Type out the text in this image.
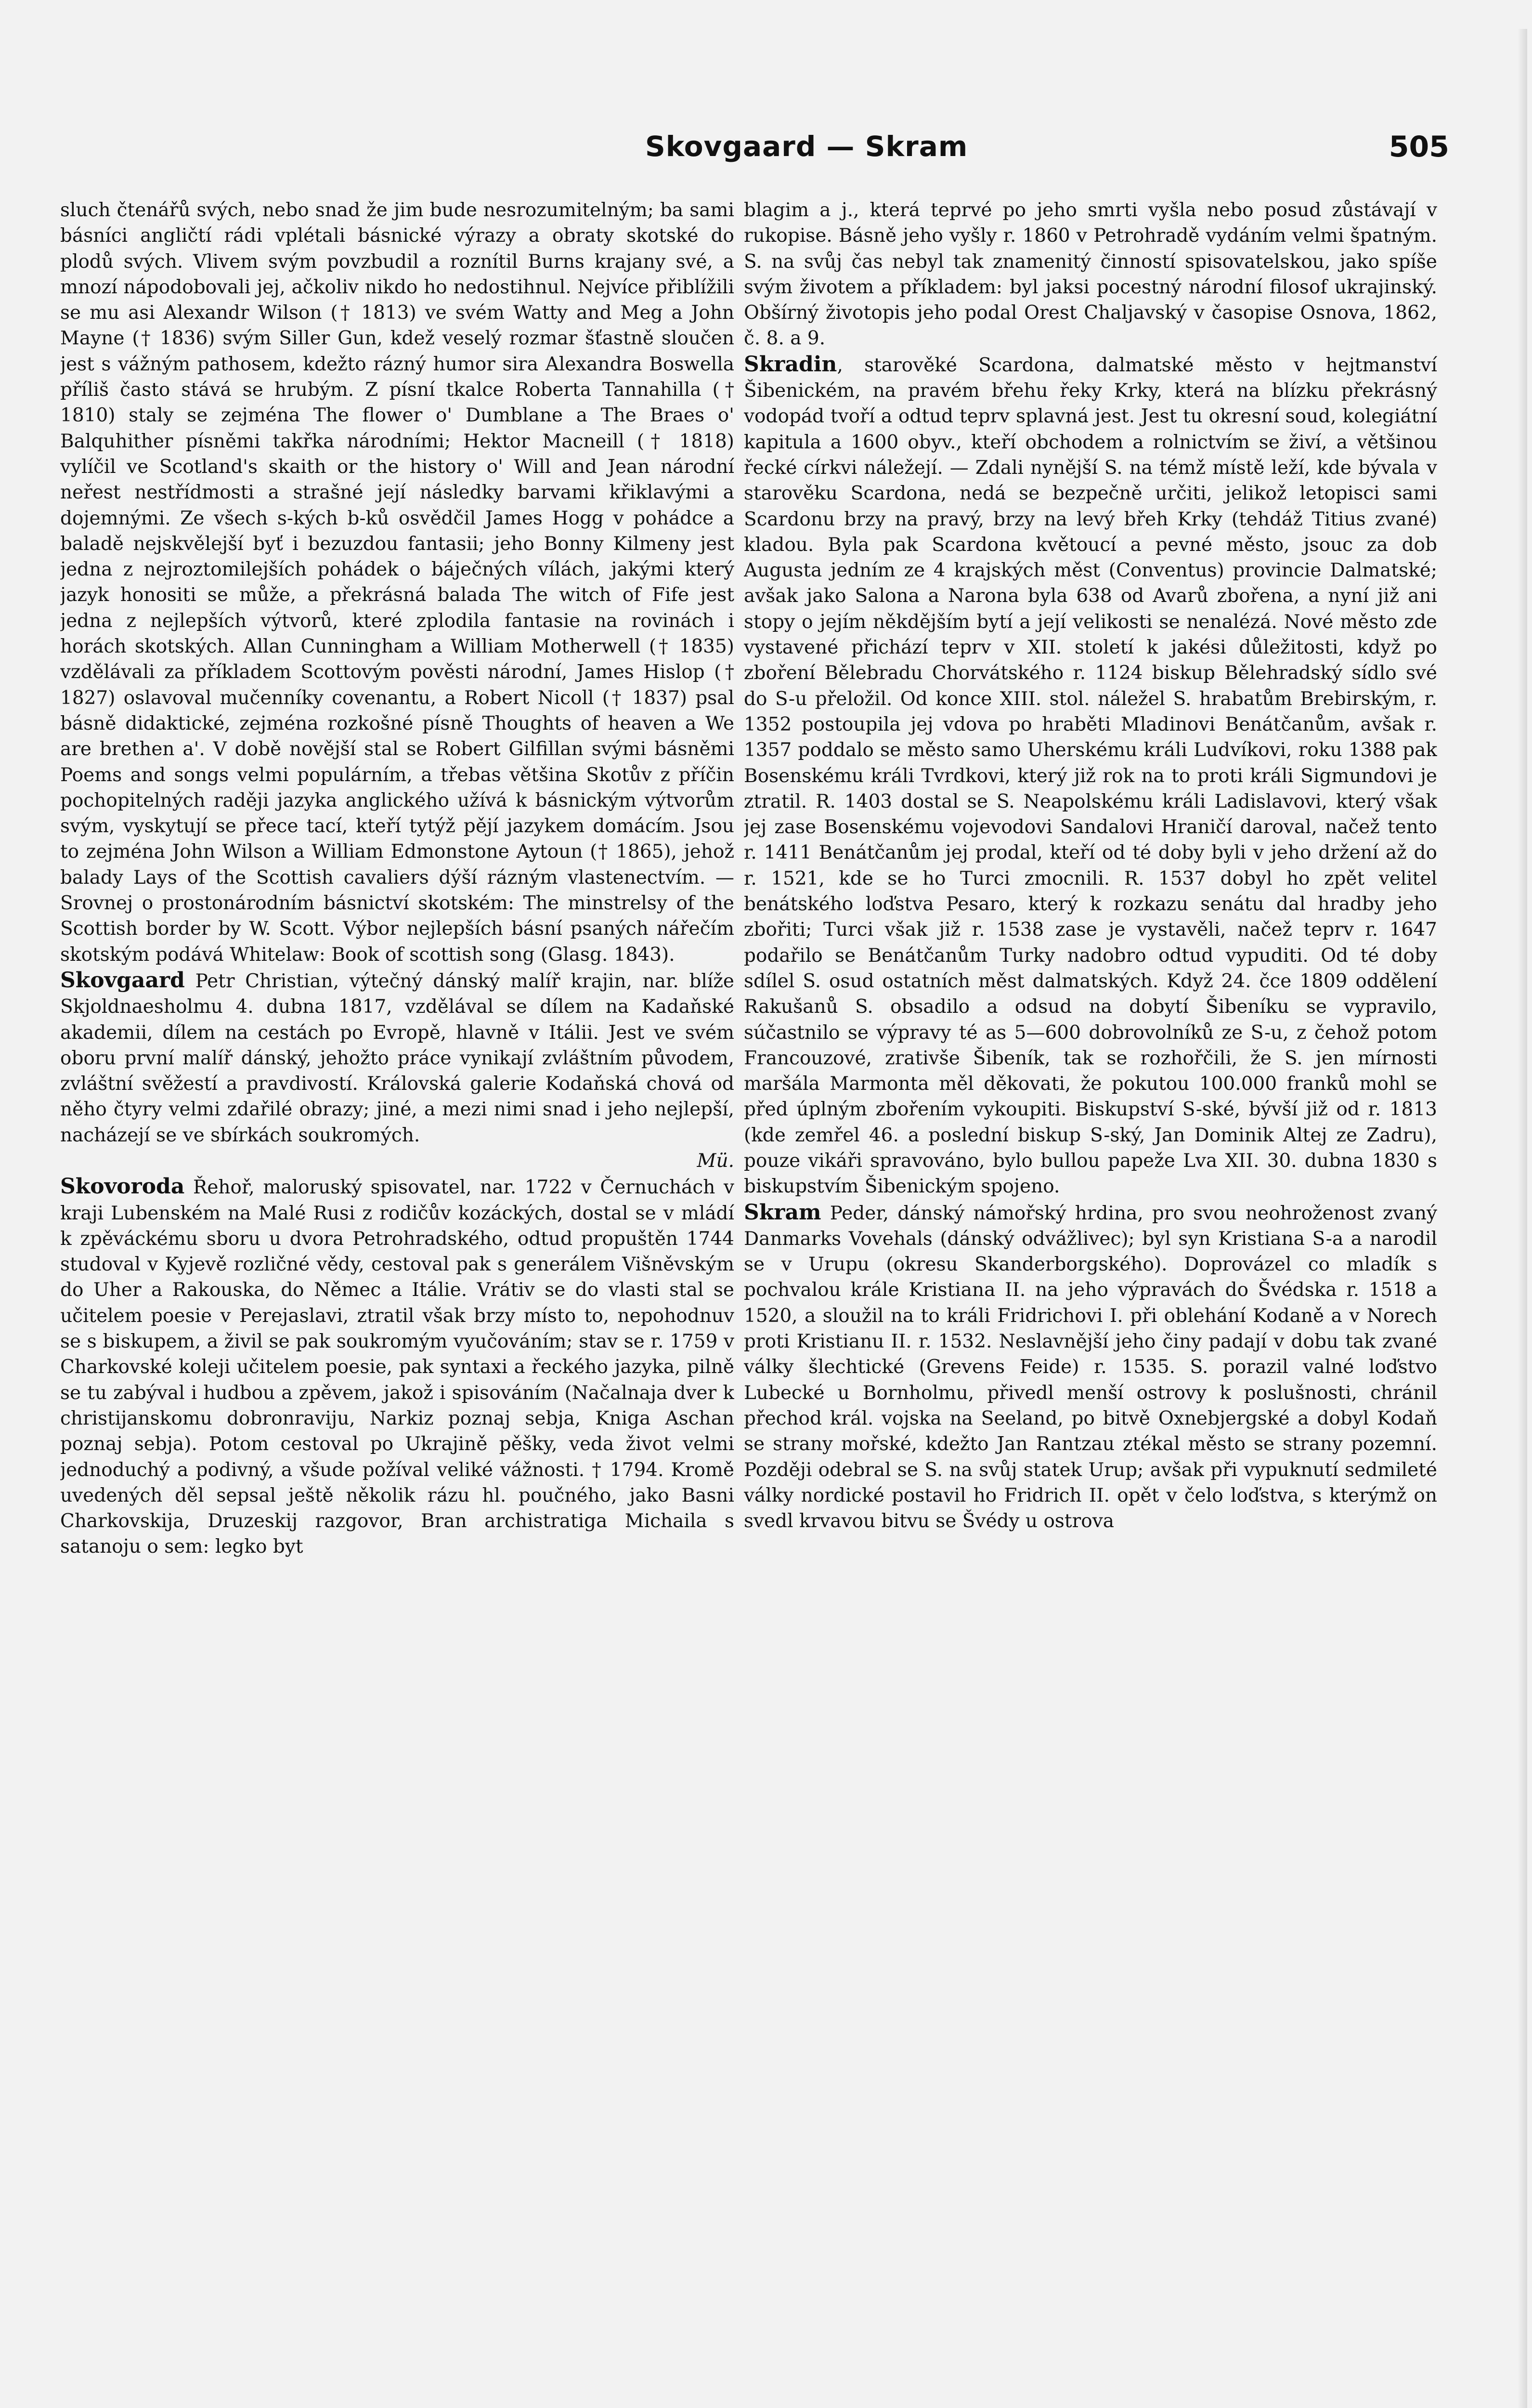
Skovgaard — Skram	505

sluch čtenářů svých, nebo snad že jim bude nesrozumitelným; ba sami básníci angličtí rádi vplétali básnické výrazy a obraty skotské do plodů svých. Vlivem svým povzbudil a roznítil Burns krajany své, a mnozí nápodobovali jej, ačkoliv nikdo ho nedostihnul. Nejvíce přiblížili se mu asi Alexandr Wilson († 1813) ve svém Watty and Meg a John Mayne († 1836) svým Siller Gun, kdež veselý rozmar šťastně sloučen jest s vážným pathosem, kdežto rázný humor sira Alexandra Boswella příliš často stává se hrubým. Z písní tkalce Roberta Tannahilla († 1810) staly se zejména The flower o' Dumblane a The Braes o' Balquhither písněmi takřka národními; Hektor Macneill († 1818) vylíčil ve Scotland's skaith or the history o' Will and Jean národní neřest nestřídmosti a strašné její následky barvami křiklavými a dojemnými. Ze všech s-kých b-ků osvědčil James Hogg v pohádce a baladě nejskvělejší byť i bezuzdou fantasii; jeho Bonny Kilmeny jest jedna z nejroztomilejších pohádek o báječných vílách, jakými který jazyk honositi se může, a překrásná balada The witch of Fife jest jedna z nejlepších výtvorů, které zplodila fantasie na rovinách i horách skotských. Allan Cunningham a William Motherwell († 1835) vzdělávali za příkladem Scottovým pověsti národní, James Hislop († 1827) oslavoval mučenníky covenantu, a Robert Nicoll († 1837) psal básně didaktické, zejména rozkošné písně Thoughts of heaven a We are brethen a'. V době novější stal se Robert Gilfillan svými básněmi Poems and songs velmi populárním, a třebas většina Skotův z příčin pochopitelných raději jazyka anglického užívá k básnickým výtvorům svým, vyskytují se přece tací, kteří tytýž pějí jazykem domácím. Jsou to zejména John Wilson a William Edmonstone Aytoun († 1865), jehož balady Lays of the Scottish cavaliers dýší rázným vlastenectvím. — Srovnej o prostonárodním básnictví skotském: The minstrelsy of the Scottish border by W. Scott. Výbor nejlepších básní psaných nářečím skotským podává Whitelaw: Book of scottish song (Glasg. 1843).

Skovgaard Petr Christian, výtečný dánský malíř krajin, nar. blíže Skjoldnaesholmu 4. dubna 1817, vzdělával se dílem na Kadaňské akademii, dílem na cestách po Evropě, hlavně v Itálii. Jest ve svém oboru první malíř dánský, jehožto práce vynikají zvláštním původem, zvláštní svěžestí a pravdivostí. Královská galerie Kodaňská chová od něho čtyry velmi zdařilé obrazy; jiné, a mezi nimi snad i jeho nejlepší, nacházejí se ve sbírkách soukromých.
Mü.

Skovoroda Řehoř, maloruský spisovatel, nar. 1722 v Černuchách v kraji Lubenském na Malé Rusi z rodičův kozáckých, dostal se v mládí k zpěváckému sboru u dvora Petrohradského, odtud propuštěn 1744 studoval v Kyjevě rozličné vědy, cestoval pak s generálem Višněvským do Uher a Rakouska, do Němec a Itálie. Vrátiv se do vlasti stal se učitelem poesie v Perejaslavi, ztratil však brzy místo to, nepohodnuv se s biskupem, a živil se pak soukromým vyučováním; stav se r. 1759 v Charkovské koleji učitelem poesie, pak syntaxi a řeckého jazyka, pilně se tu zabýval i hudbou a zpěvem, jakož i spisováním (Načalnaja dver k christijanskomu dobronraviju, Narkiz poznaj sebja, Kniga Aschan poznaj sebja). Potom cestoval po Ukrajině pěšky, veda život velmi jednoduchý a podivný, a všude požíval veliké vážnosti. † 1794. Kromě uvedených děl sepsal ještě několik rázu hl. poučného, jako Basni Charkovskija, Druzeskij razgovor, Bran archistratiga Michaila s satanoju o sem: legko byt

blagim a j., která teprvé po jeho smrti vyšla nebo posud zůstávají v rukopise. Básně jeho vyšly r. 1860 v Petrohradě vydáním velmi špatným. S. na svůj čas nebyl tak znamenitý činností spisovatelskou, jako spíše svým životem a příkladem: byl jaksi pocestný národní filosof ukrajinský. Obšírný životopis jeho podal Orest Chaljavský v časopise Osnova, 1862, č. 8. a 9.

Skradin, starověké Scardona, dalmatské město v hejtmanství Šibenickém, na pravém břehu řeky Krky, která na blízku překrásný vodopád tvoří a odtud teprv splavná jest. Jest tu okresní soud, kolegiátní kapitula a 1600 obyv., kteří obchodem a rolnictvím se živí, a většinou řecké církvi náležejí. — Zdali nynější S. na témž místě leží, kde bývala v starověku Scardona, nedá se bezpečně určiti, jelikož letopisci sami Scardonu brzy na pravý, brzy na levý břeh Krky (tehdáž Titius zvané) kladou. Byla pak Scardona květoucí a pevné město, jsouc za dob Augusta jedním ze 4 krajských měst (Conventus) provincie Dalmatské; avšak jako Salona a Narona byla 638 od Avarů zbořena, a nyní již ani stopy o jejím někdějším bytí a její velikosti se nenalézá. Nové město zde vystavené přichází teprv v XII. století k jakési důležitosti, když po zboření Bělebradu Chorvátského r. 1124 biskup Bělehradský sídlo své do S-u přeložil. Od konce XIII. stol. náležel S. hrabatům Brebirským, r. 1352 postoupila jej vdova po hraběti Mladinovi Benátčanům, avšak r. 1357 poddalo se město samo Uherskému králi Ludvíkovi, roku 1388 pak Bosenskému králi Tvrdkovi, který již rok na to proti králi Sigmundovi je ztratil. R. 1403 dostal se S. Neapolskému králi Ladislavovi, který však jej zase Bosenskému vojevodovi Sandalovi Hraničí daroval, načež tento r. 1411 Benátčanům jej prodal, kteří od té doby byli v jeho držení až do r. 1521, kde se ho Turci zmocnili. R. 1537 dobyl ho zpět velitel benátského loďstva Pesaro, který k rozkazu senátu dal hradby jeho zbořiti; Turci však již r. 1538 zase je vystavěli, načež teprv r. 1647 podařilo se Benátčanům Turky nadobro odtud vypuditi. Od té doby sdílel S. osud ostatních měst dalmatských. Když 24. čce 1809 oddělení Rakušanů S. obsadilo a odsud na dobytí Šibeníku se vypravilo, súčastnilo se výpravy té as 5—600 dobrovolníků ze S-u, z čehož potom Francouzové, zrativše Šibeník, tak se rozhořčili, že S. jen mírnosti maršála Marmonta měl děkovati, že pokutou 100.000 franků mohl se před úplným zbořením vykoupiti. Biskupství S-ské, bývší již od r. 1813 (kde zemřel 46. a poslední biskup S-ský, Jan Dominik Altej ze Zadru), pouze vikáři spravováno, bylo bullou papeže Lva XII. 30. dubna 1830 s biskupstvím Šibenickým spojeno.

Skram Peder, dánský námořský hrdina, pro svou neohroženost zvaný Danmarks Vovehals (dánský odvážlivec); byl syn Kristiana S-a a narodil se v Urupu (okresu Skanderborgského). Doprovázel co mladík s pochvalou krále Kristiana II. na jeho výpravách do Švédska r. 1518 a 1520, a sloužil na to králi Fridrichovi I. při oblehání Kodaně a v Norech proti Kristianu II. r. 1532. Neslavnější jeho činy padají v dobu tak zvané války šlechtické (Grevens Feide) r. 1535. S. porazil valné loďstvo Lubecké u Bornholmu, přivedl menší ostrovy k poslušnosti, chránil přechod král. vojska na Seeland, po bitvě Oxnebjergské a dobyl Kodaň se strany mořské, kdežto Jan Rantzau ztékal město se strany pozemní. Později odebral se S. na svůj statek Urup; avšak při vypuknutí sedmileté války nordické postavil ho Fridrich II. opět v čelo loďstva, s kterýmž on svedl krvavou bitvu se Švédy u ostrova
